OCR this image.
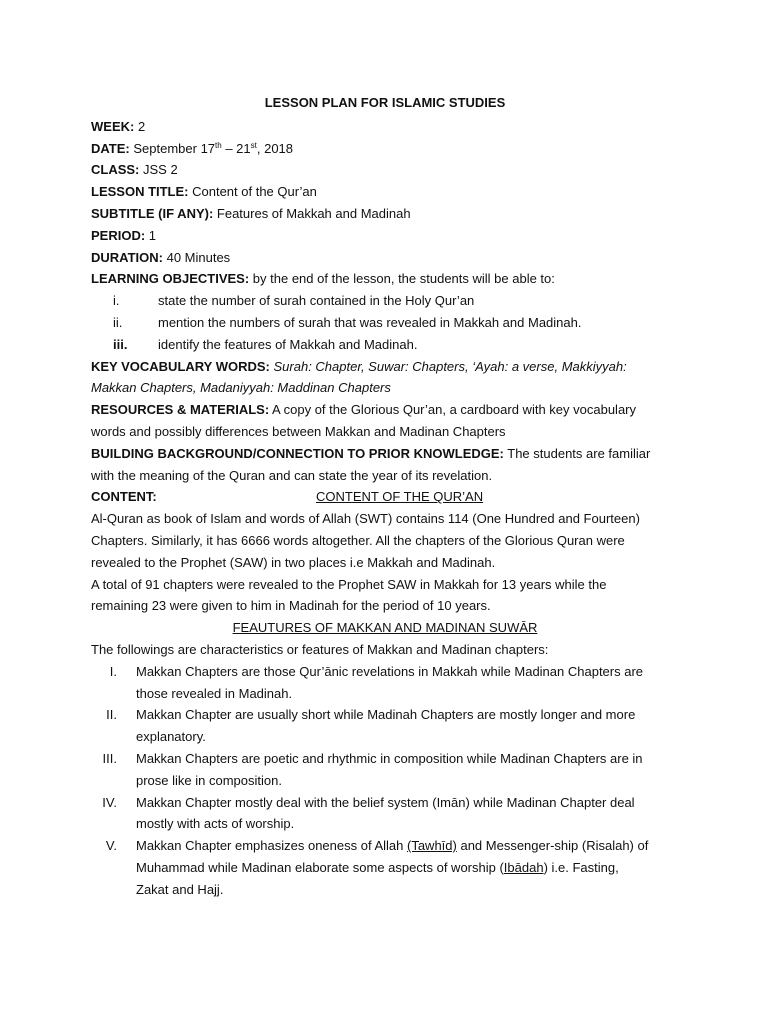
LESSON PLAN FOR ISLAMIC STUDIES
WEEK: 2
DATE: September 17th – 21st, 2018
CLASS: JSS 2
LESSON TITLE: Content of the Qur’an
SUBTITLE (IF ANY): Features of Makkah and Madinah
PERIOD: 1
DURATION: 40 Minutes
LEARNING OBJECTIVES: by the end of the lesson, the students will be able to:
i.	state the number of surah contained in the Holy Qur’an
ii.	mention the numbers of surah that was revealed in Makkah and Madinah.
iii. identify the features of Makkah and Madinah.
KEY VOCABULARY WORDS: Surah: Chapter, Suwar: Chapters, ‘Ayah: a verse, Makkiyyah:
Makkan Chapters, Madaniyyah: Maddinan Chapters
RESOURCES & MATERIALS: A copy of the Glorious Qur’an, a cardboard with key vocabulary
words and possibly differences between Makkan and Madinan Chapters
BUILDING BACKGROUND/CONNECTION TO PRIOR KNOWLEDGE: The students are familiar
with the meaning of the Quran and can state the year of its revelation.
CONTENT:	CONTENT OF THE QUR’AN
Al-Quran as book of Islam and words of Allah (SWT) contains 114 (One Hundred and Fourteen)
Chapters. Similarly, it has 6666 words altogether. All the chapters of the Glorious Quran were
revealed to the Prophet (SAW) in two places i.e Makkah and Madinah.
A total of 91 chapters were revealed to the Prophet SAW in Makkah for 13 years while the
remaining 23 were given to him in Madinah for the period of 10 years.
FEAUTURES OF MAKKAN AND MADINAN SUWĀR
The followings are characteristics or features of Makkan and Madinan chapters:
I. Makkan Chapters are those Qur’ānic revelations in Makkah while Madinan Chapters are
those revealed in Madinah.
II. Makkan Chapter are usually short while Madinah Chapters are mostly longer and more
explanatory.
III. Makkan Chapters are poetic and rhythmic in composition while Madinan Chapters are in
prose like in composition.
IV. Makkan Chapter mostly deal with the belief system (Imān) while Madinan Chapter deal
mostly with acts of worship.
V. Makkan Chapter emphasizes oneness of Allah (Tawhīd) and Messenger-ship (Risalah) of
Muhammad while Madinan elaborate some aspects of worship (Ibādah) i.e. Fasting,
Zakat and Hajj.
